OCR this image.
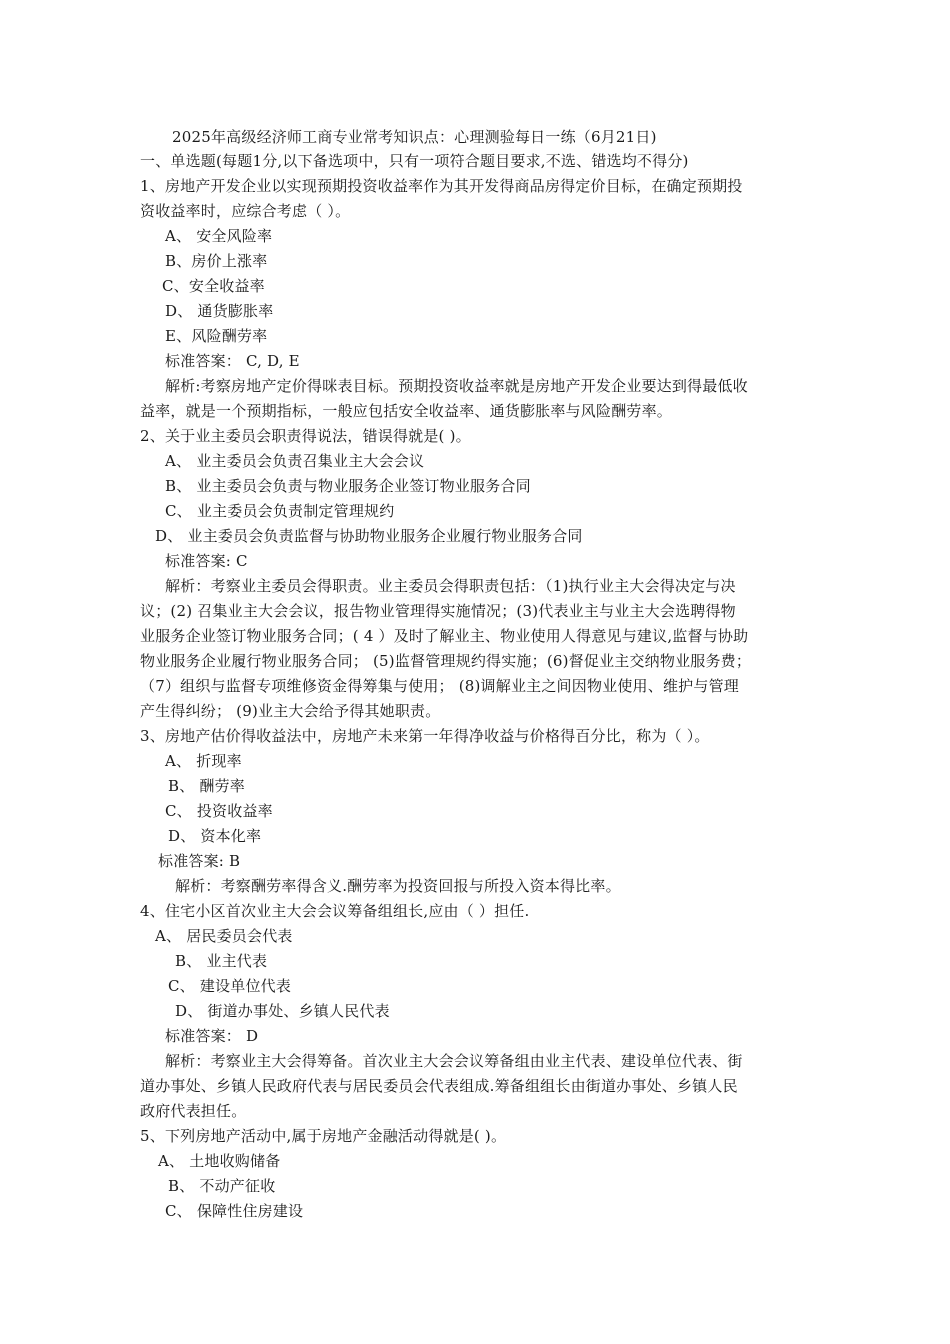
2025年高级经济师工商专业常考知识点：心理测验每日一练（6月21日)
一、单选题(每题1分,以下备选项中，只有一项符合题目要求,不选、错选均不得分)
1、房地产开发企业以实现预期投资收益率作为其开发得商品房得定价目标，在确定预期投
资收益率时，应综合考虑（ ）。
A、 安全风险率
B、房价上涨率
C、安全收益率
D、 通货膨胀率
E、风险酬劳率
标准答案： C, D, E
解析:考察房地产定价得咪表目标。预期投资收益率就是房地产开发企业要达到得最低收
益率，就是一个预期指标，一般应包括安全收益率、通货膨胀率与风险酬劳率。
2、关于业主委员会职责得说法，错误得就是( )。
A、 业主委员会负责召集业主大会会议
B、 业主委员会负责与物业服务企业签订物业服务合同
C、 业主委员会负责制定管理规约
D、 业主委员会负责监督与协助物业服务企业履行物业服务合同
标准答案: C
解析：考察业主委员会得职责。业主委员会得职责包括：（1)执行业主大会得决定与决
议；(2) 召集业主大会会议，报告物业管理得实施情况；(3)代表业主与业主大会选聘得物
业服务企业签订物业服务合同；( 4 ）及时了解业主、物业使用人得意见与建议,监督与协助
物业服务企业履行物业服务合同； (5)监督管理规约得实施；(6)督促业主交纳物业服务费；
（7）组织与监督专项维修资金得筹集与使用； (8)调解业主之间因物业使用、维护与管理
产生得纠纷； (9)业主大会给予得其她职责。
3、房地产估价得收益法中，房地产未来第一年得净收益与价格得百分比，称为（ ）。
A、 折现率
B、 酬劳率
C、 投资收益率
D、 资本化率
标准答案: B
解析：考察酬劳率得含义.酬劳率为投资回报与所投入资本得比率。
4、住宅小区首次业主大会会议筹备组组长,应由（ ）担任.
A、 居民委员会代表
B、 业主代表
C、 建设单位代表
D、 街道办事处、乡镇人民代表
标准答案： D
解析：考察业主大会得筹备。首次业主大会会议筹备组由业主代表、建设单位代表、街
道办事处、乡镇人民政府代表与居民委员会代表组成.筹备组组长由街道办事处、乡镇人民
政府代表担任。
5、下列房地产活动中,属于房地产金融活动得就是( )。
A、 土地收购储备
B、 不动产征收
C、 保障性住房建设
